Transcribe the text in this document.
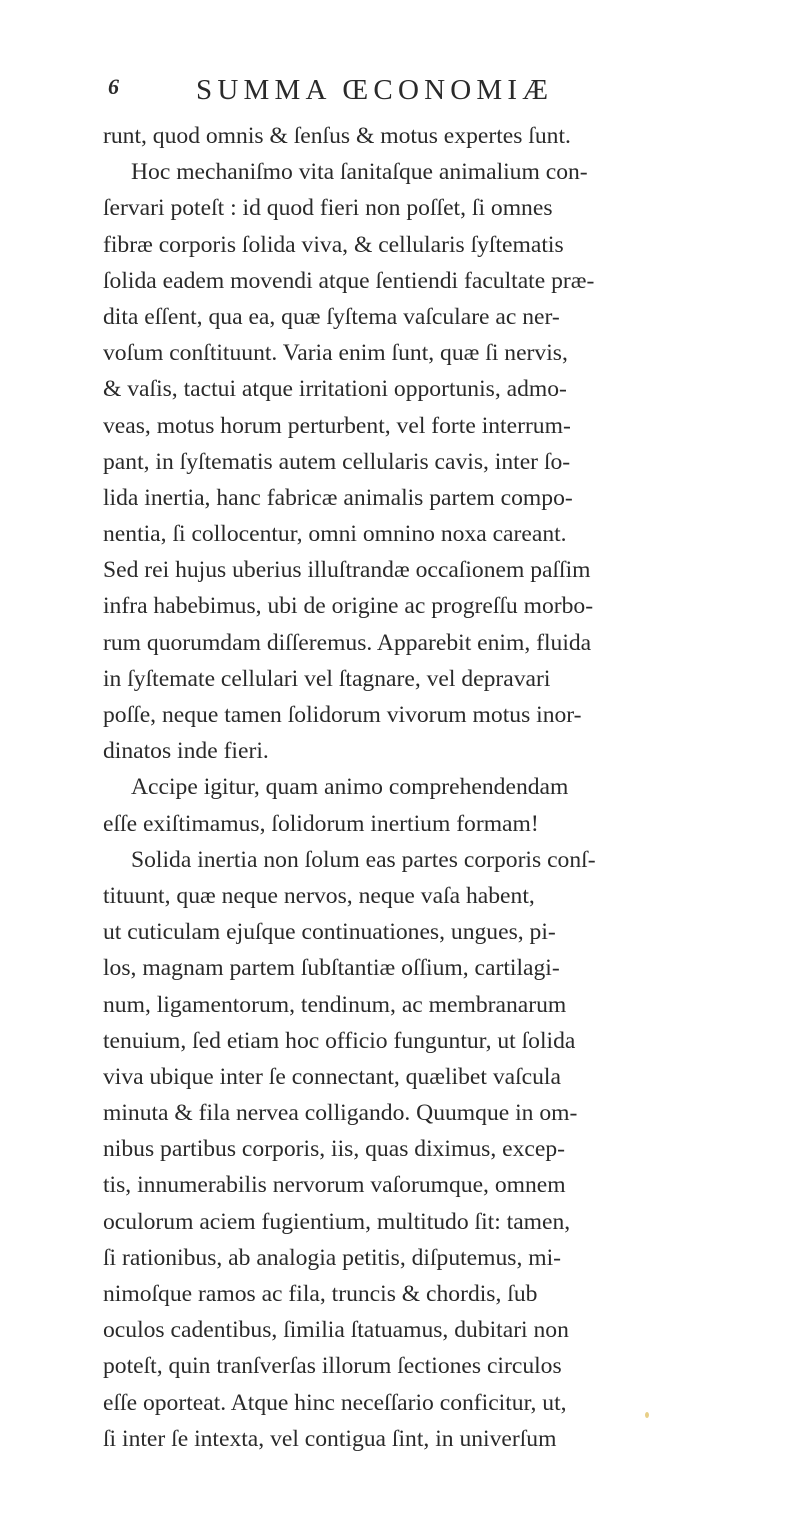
6	SUMMA ŒCONOMIÆ
runt, quod omnis & ſenſus & motus expertes ſunt.
Hoc mechaniſmo vita ſanitaſque animalium con-
ſervari poteſt : id quod fieri non poſſet, ſi omnes
fibræ corporis ſolida viva, & cellularis ſyſtematis
ſolida eadem movendi atque ſentiendi facultate præ-
dita eſſent, qua ea, quæ ſyſtema vaſculare ac ner-
voſum conſtituunt. Varia enim ſunt, quæ ſi nervis,
& vaſis, tactui atque irritationi opportunis, admo-
veas, motus horum perturbent, vel forte interrum-
pant, in ſyſtematis autem cellularis cavis, inter ſo-
lida inertia, hanc fabricæ animalis partem compo-
nentia, ſi collocentur, omni omnino noxa careant.
Sed rei hujus uberius illuſtrandæ occaſionem paſſim
infra habebimus, ubi de origine ac progreſſu morbo-
rum quorumdam diſſeremus. Apparebit enim, fluida
in ſyſtemate cellulari vel ſtagnare, vel depravari
poſſe, neque tamen ſolidorum vivorum motus inor-
dinatos inde fieri.
Accipe igitur, quam animo comprehendendam
eſſe exiſtimamus, ſolidorum inertium formam!
Solida inertia non ſolum eas partes corporis conſ-
tituunt, quæ neque nervos, neque vaſa habent,
ut cuticulam ejuſque continuationes, ungues, pi-
los, magnam partem ſubſtantiæ oſſium, cartilagi-
num, ligamentorum, tendinum, ac membranarum
tenuium, ſed etiam hoc officio funguntur, ut ſolida
viva ubique inter ſe connectant, quælibet vaſcula
minuta & fila nervea colligando. Quumque in om-
nibus partibus corporis, iis, quas diximus, excep-
tis, innumerabilis nervorum vaſorumque, omnem
oculorum aciem fugientium, multitudo ſit: tamen,
ſi rationibus, ab analogia petitis, diſputemus, mi-
nimoſque ramos ac fila, truncis & chordis, ſub
oculos cadentibus, ſimilia ſtatuamus, dubitari non
poteſt, quin tranſverſas illorum ſectiones circulos
eſſe oporteat. Atque hinc neceſſario conficitur, ut,
ſi inter ſe intexta, vel contigua ſint, in univerſum
